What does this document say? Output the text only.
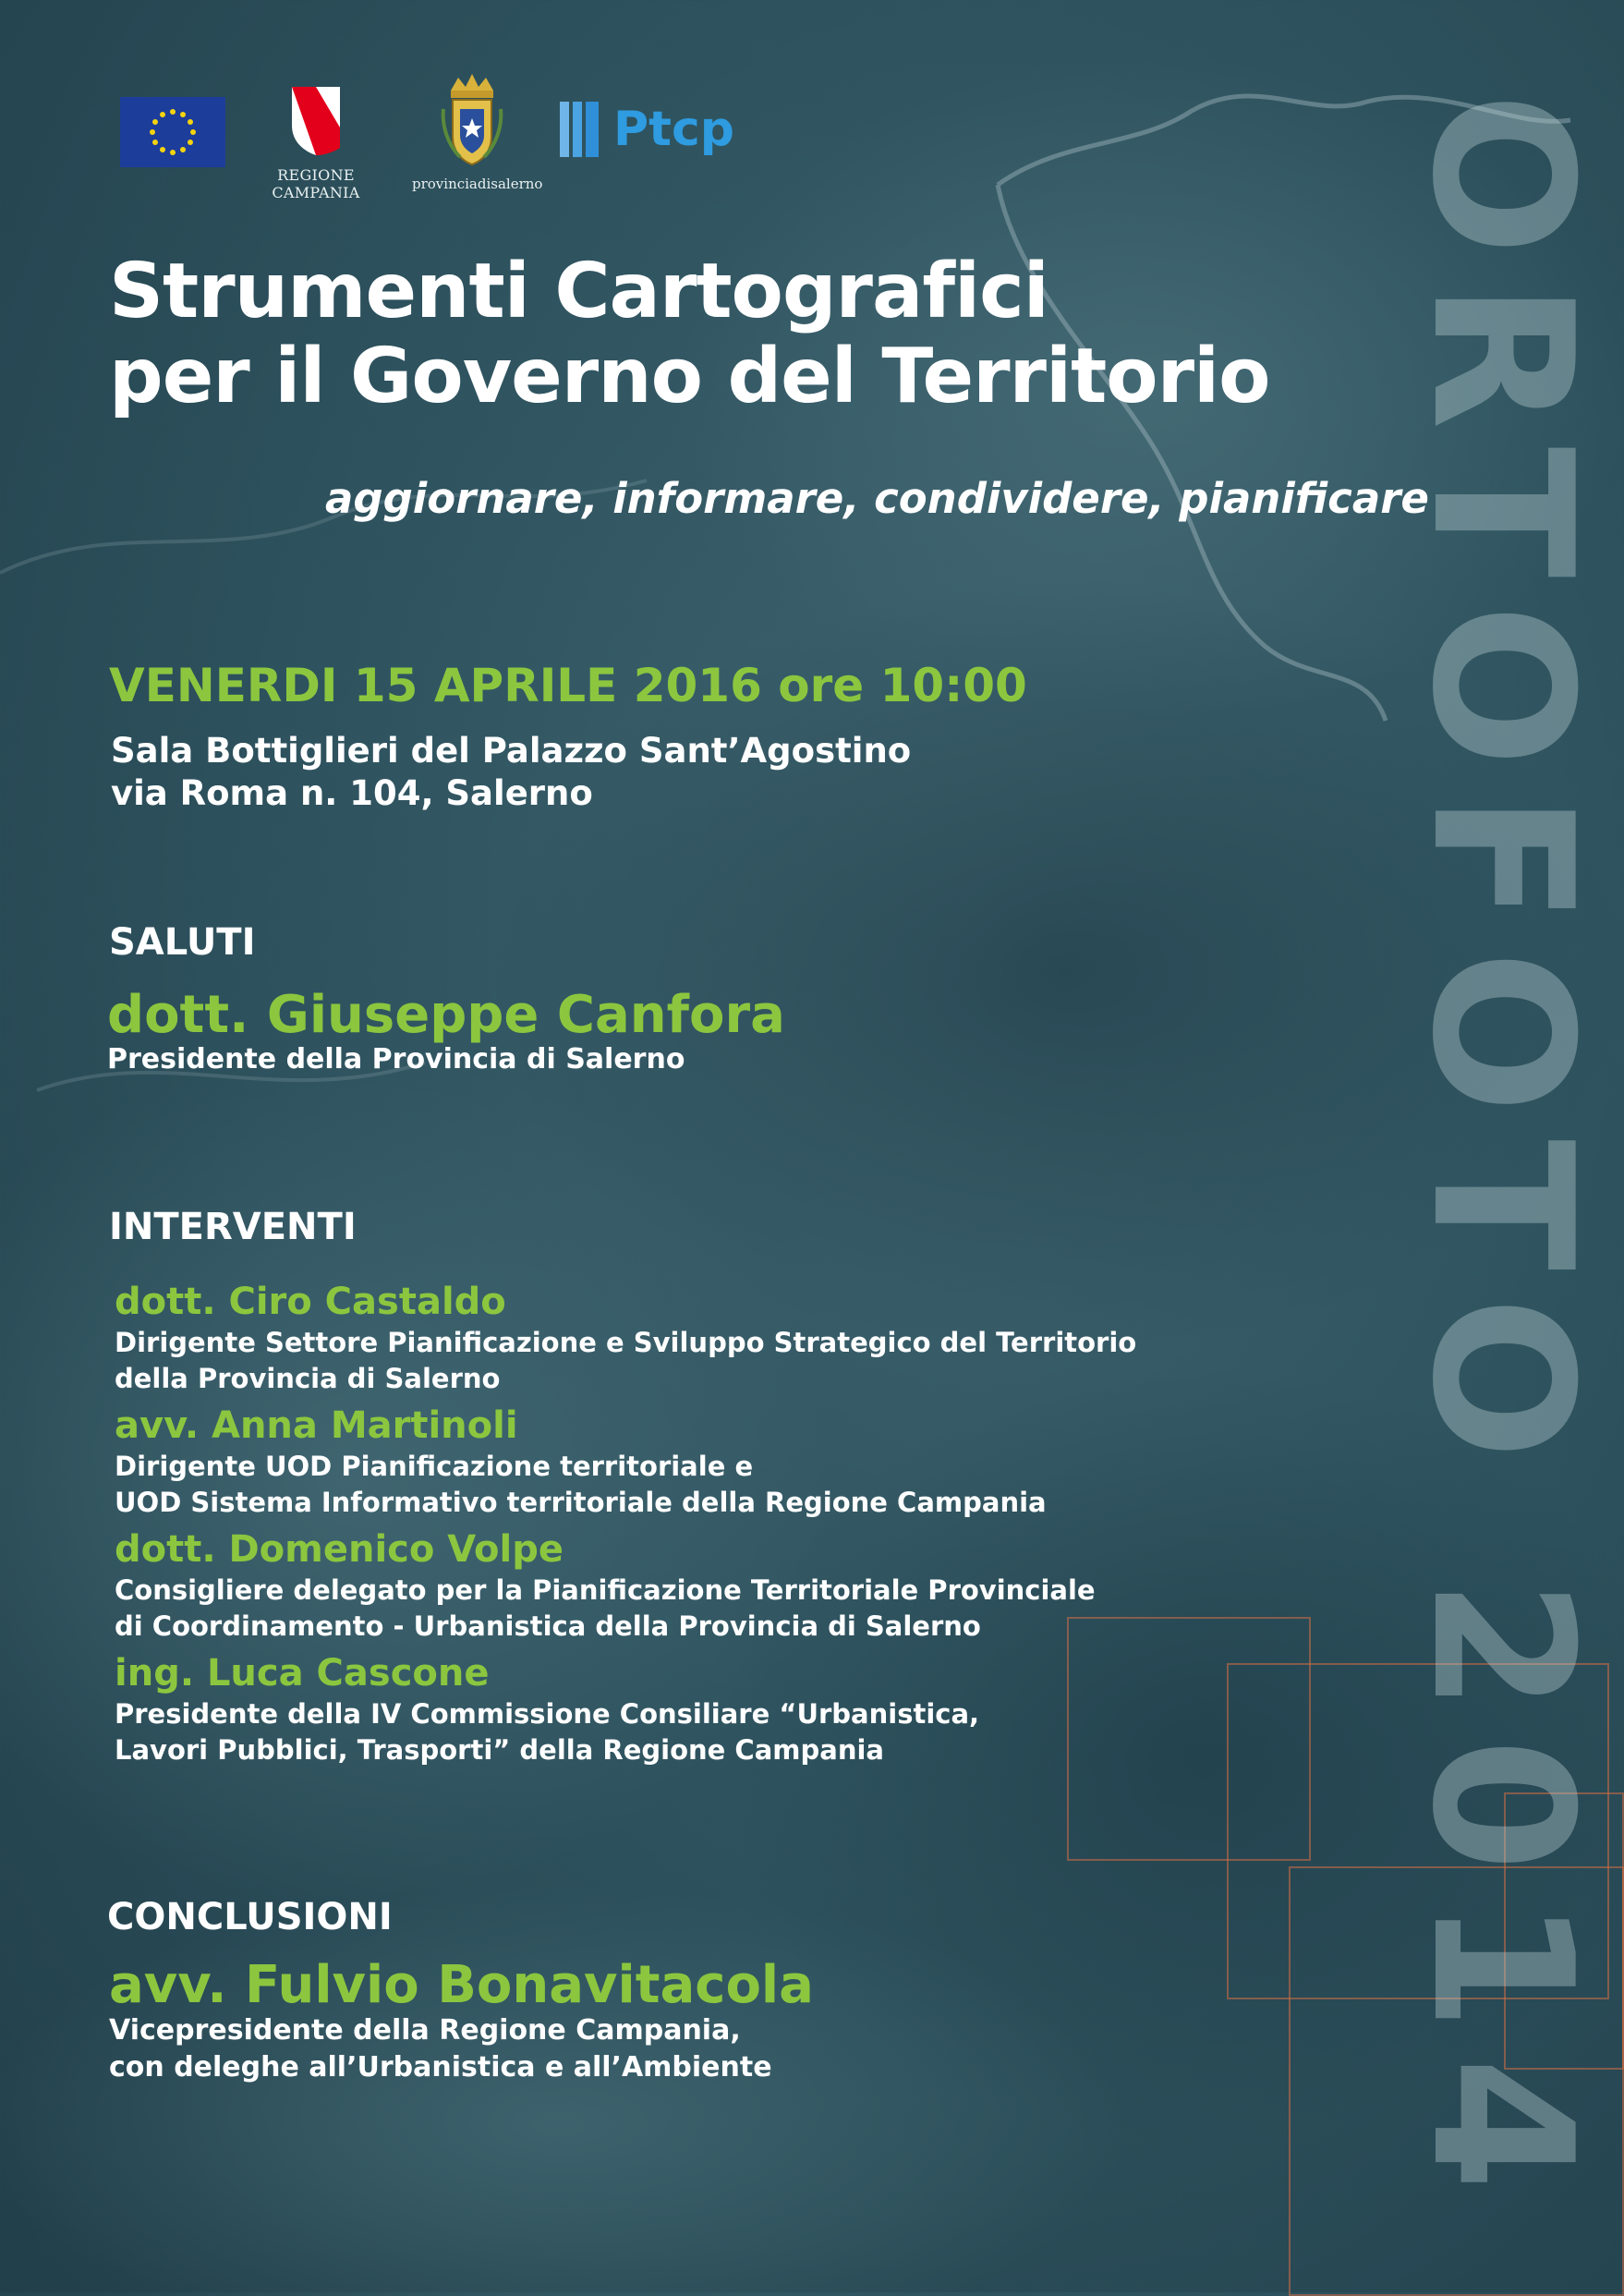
REGIONE CAMPANIA	provinciadisalerno
Ptcp
Strumenti Cartografici
per il Governo del Territorio
aggiornare, informare, condividere, pianificare
VENERDI 15 APRILE 2016 ore 10:00
Sala Bottiglieri del Palazzo Sant’Agostino
via Roma n. 104, Salerno
SALUTI
dott. Giuseppe Canfora
Presidente della Provincia di Salerno
INTERVENTI
dott. Ciro Castaldo
Dirigente Settore Pianificazione e Sviluppo Strategico del Territorio
della Provincia di Salerno
avv. Anna Martinoli
Dirigente UOD Pianificazione territoriale e
UOD Sistema Informativo territoriale della Regione Campania
dott. Domenico Volpe
Consigliere delegato per la Pianificazione Territoriale Provinciale
di Coordinamento - Urbanistica della Provincia di Salerno
ing. Luca Cascone
Presidente della IV Commissione Consiliare “Urbanistica,
Lavori Pubblici, Trasporti” della Regione Campania
CONCLUSIONI
avv. Fulvio Bonavitacola
Vicepresidente della Regione Campania,
con deleghe all’Urbanistica e all’Ambiente	ORTOFOTO 2014
